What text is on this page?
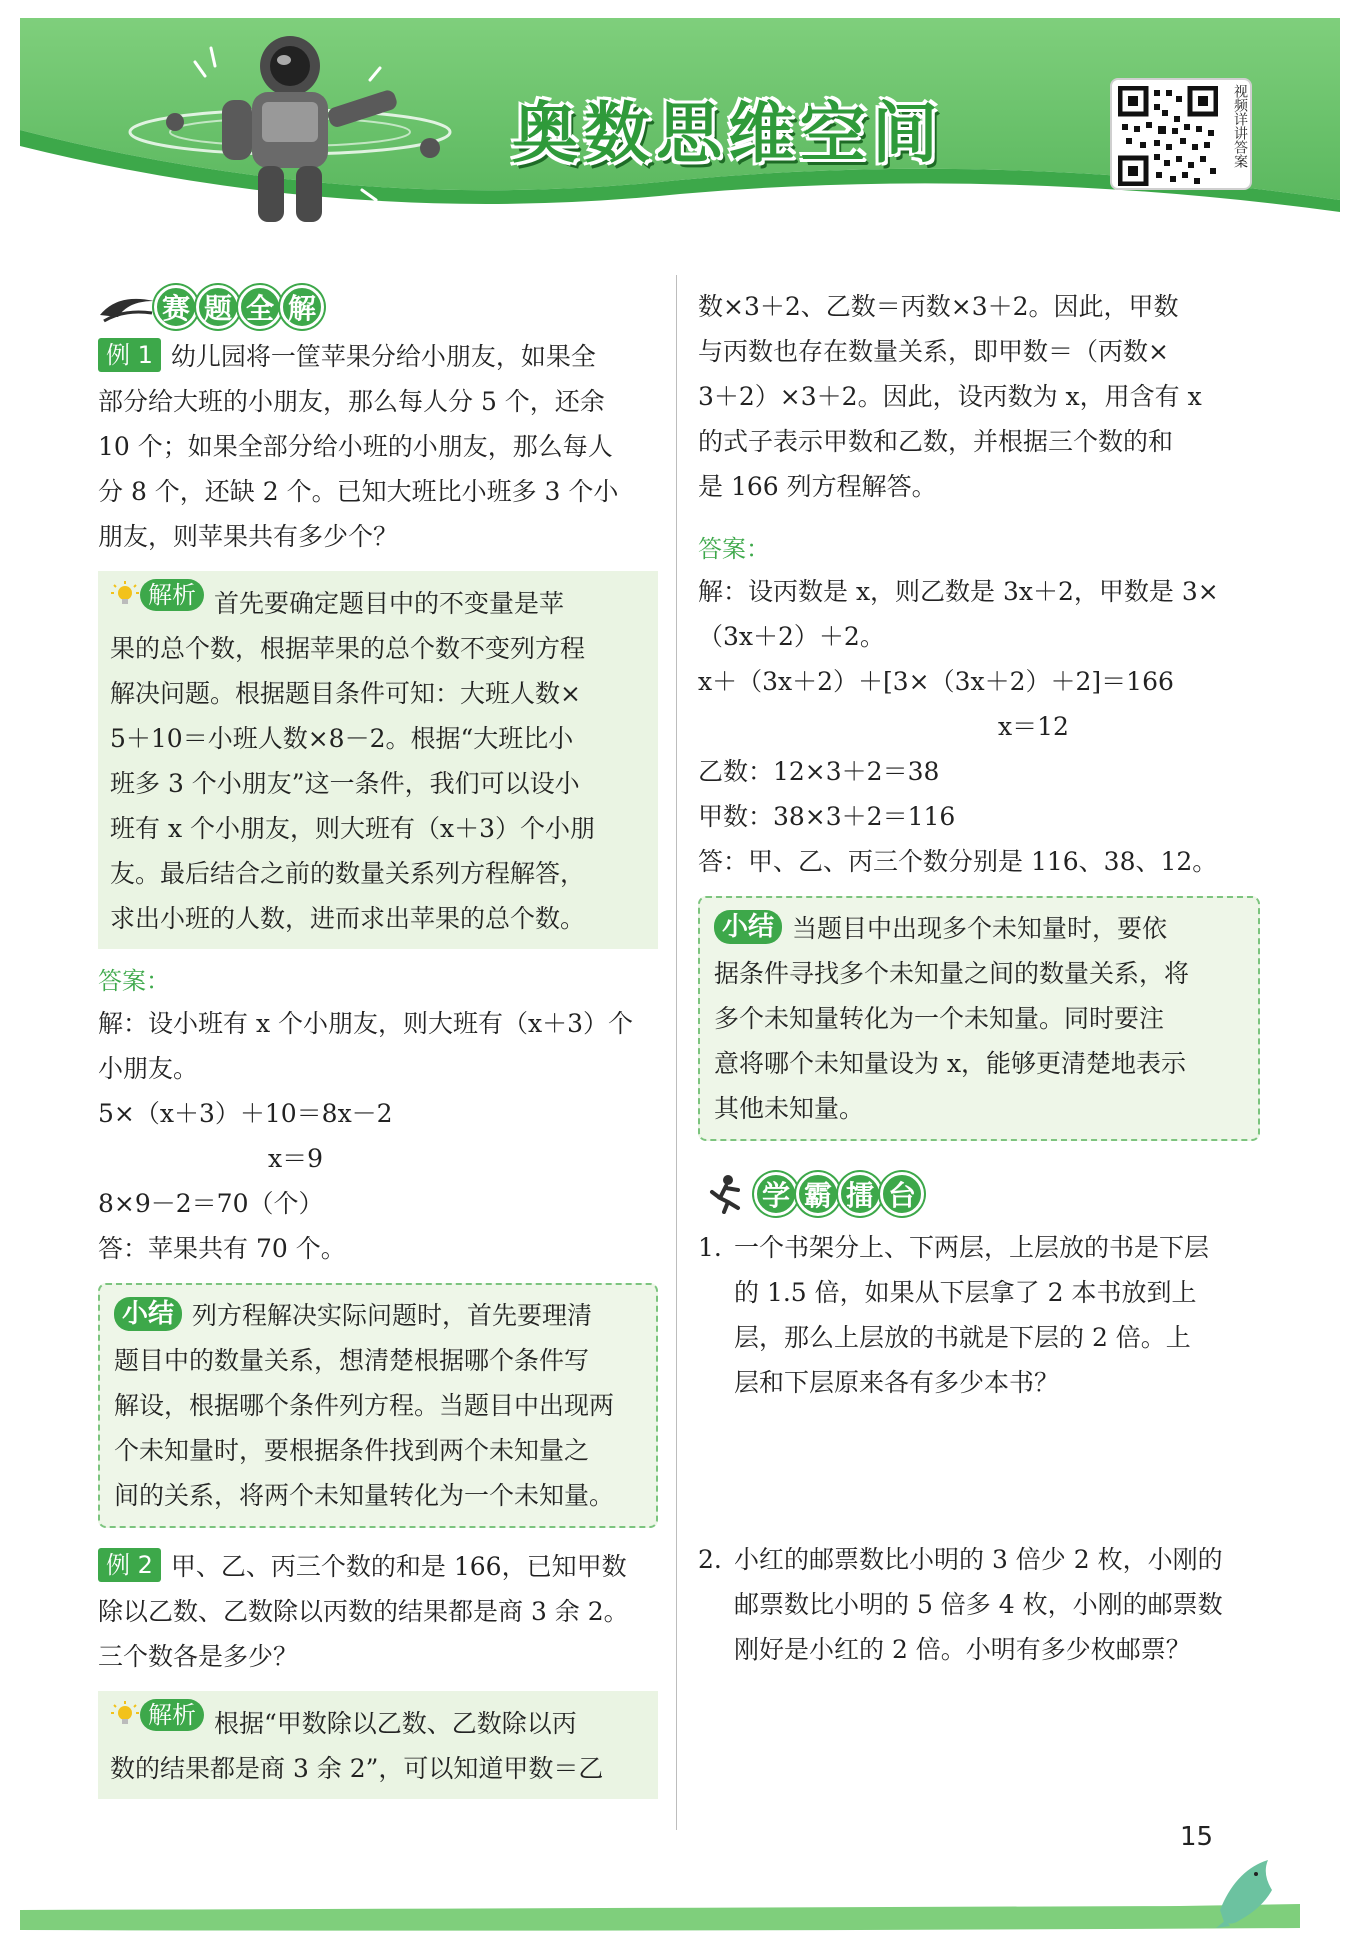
奥数思维空间	视频详讲答案
赛 题 全 解
例 1 幼儿园将一筐苹果分给小朋友，如果全
部分给大班的小朋友，那么每人分 5 个，还余
10 个；如果全部分给小班的小朋友，那么每人
分 8 个，还缺 2 个。已知大班比小班多 3 个小
朋友，则苹果共有多少个？
解析 首先要确定题目中的不变量是苹
果的总个数，根据苹果的总个数不变列方程
解决问题。根据题目条件可知：大班人数×
5＋10＝小班人数×8－2。根据“大班比小
班多 3 个小朋友”这一条件，我们可以设小
班有 x 个小朋友，则大班有（x＋3）个小朋
友。最后结合之前的数量关系列方程解答，
求出小班的人数，进而求出苹果的总个数。
答案：
解：设小班有 x 个小朋友，则大班有（x＋3）个
小朋友。
5×（x＋3）＋10＝8x－2
x＝9
8×9－2＝70（个）
答：苹果共有 70 个。
小结 列方程解决实际问题时，首先要理清
题目中的数量关系，想清楚根据哪个条件写
解设，根据哪个条件列方程。当题目中出现两
个未知量时，要根据条件找到两个未知量之
间的关系，将两个未知量转化为一个未知量。
例 2 甲、乙、丙三个数的和是 166，已知甲数
除以乙数、乙数除以丙数的结果都是商 3 余 2。
三个数各是多少？
解析 根据“甲数除以乙数、乙数除以丙
数的结果都是商 3 余 2”，可以知道甲数＝乙
数×3＋2、乙数＝丙数×3＋2。因此，甲数
与丙数也存在数量关系，即甲数＝（丙数×
3＋2）×3＋2。因此，设丙数为 x，用含有 x
的式子表示甲数和乙数，并根据三个数的和
是 166 列方程解答。
答案：
解：设丙数是 x，则乙数是 3x＋2，甲数是 3×
（3x＋2）＋2。
x＋（3x＋2）＋[3×（3x＋2）＋2]＝166
x＝12
乙数：12×3＋2＝38
甲数：38×3＋2＝116
答：甲、乙、丙三个数分别是 116、38、12。
小结 当题目中出现多个未知量时，要依
据条件寻找多个未知量之间的数量关系，将
多个未知量转化为一个未知量。同时要注
意将哪个未知量设为 x，能够更清楚地表示
其他未知量。
学 霸 擂 台
1. 一个书架分上、下两层，上层放的书是下层
的 1.5 倍，如果从下层拿了 2 本书放到上
层，那么上层放的书就是下层的 2 倍。上
层和下层原来各有多少本书？
2. 小红的邮票数比小明的 3 倍少 2 枚，小刚的
邮票数比小明的 5 倍多 4 枚，小刚的邮票数
刚好是小红的 2 倍。小明有多少枚邮票？
15
